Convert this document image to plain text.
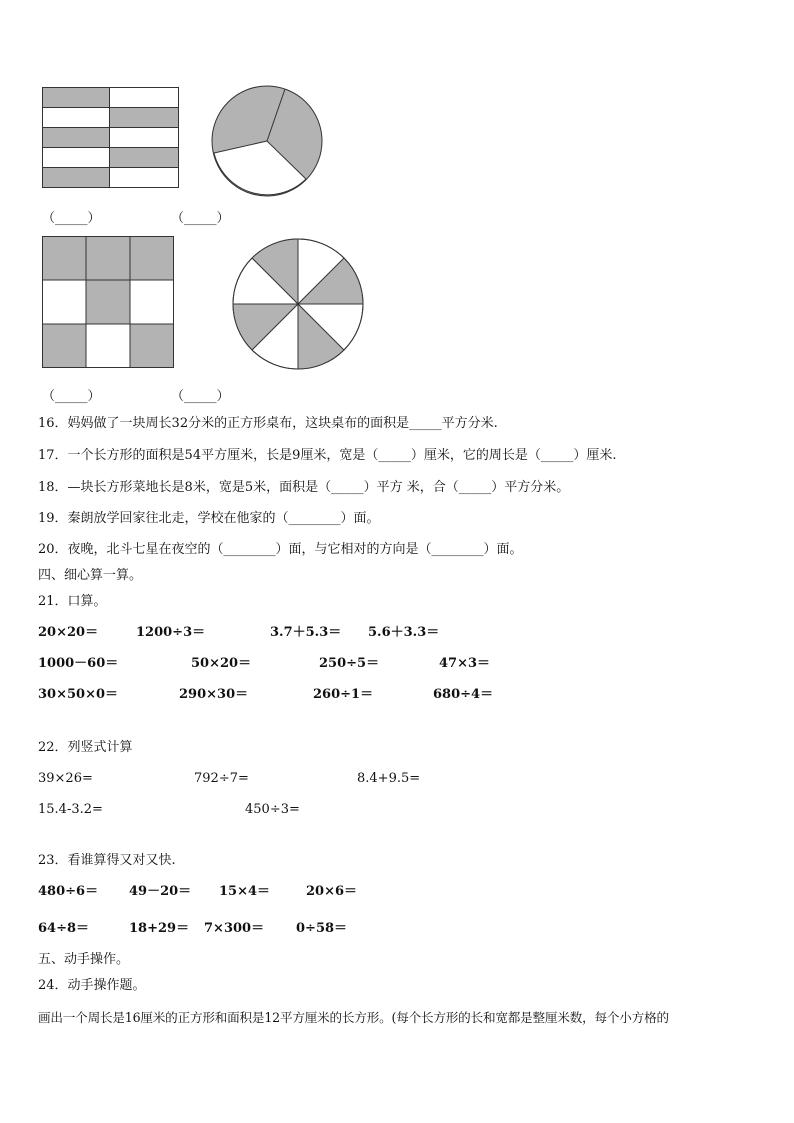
（_____）	（_____）
（_____）	（_____）
16．妈妈做了一块周长32分米的正方形桌布，这块桌布的面积是_____平方分米.
17．一个长方形的面积是54平方厘米，长是9厘米，宽是（_____）厘米，它的周长是（_____）厘米.
18．—块长方形菜地长是8米，宽是5米，面积是（_____）平方 米，合（_____）平方分米。
19．秦朗放学回家往北走，学校在他家的（________）面。
20．夜晚，北斗七星在夜空的（________）面，与它相对的方向是（________）面。
四、细心算一算。
21．口算。
20×20＝	1200÷3＝	3.7＋5.3＝ 5.6＋3.3＝
1000－60＝	50×20＝	250÷5＝	47×3＝
30×50×0＝	290×30＝	260÷1＝	680÷4＝
22．列竖式计算
39×26=	792÷7=	8.4+9.5=
15.4-3.2=	450÷3=
23．看谁算得又对又快.
480÷6＝ 49－20＝ 15×4＝	20×6＝
64÷8＝	18+29＝ 7×300＝ 0÷58＝
五、动手操作。
24．动手操作题。
画出一个周长是16厘米的正方形和面积是12平方厘米的长方形。(每个长方形的长和宽都是整厘米数，每个小方格的
